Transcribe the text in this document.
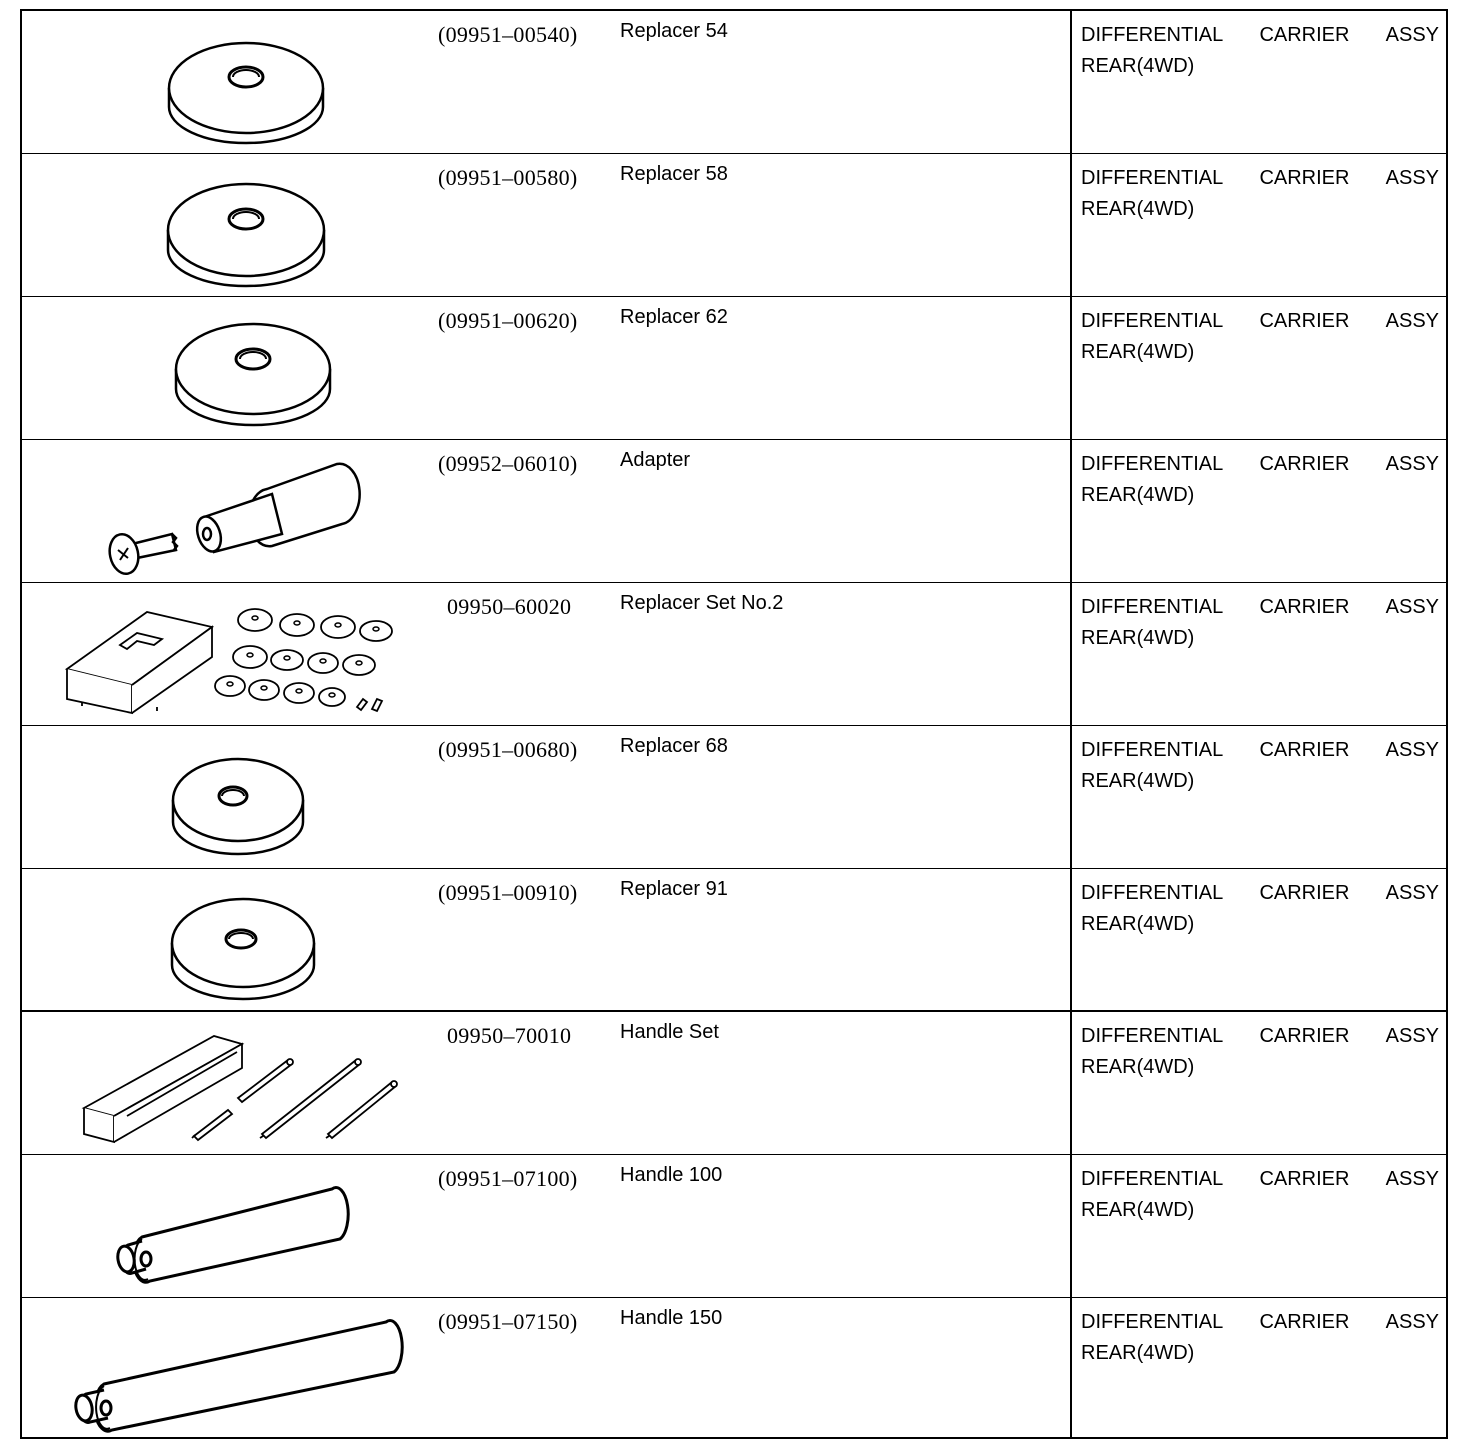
(09951–00540) Replacer 54	DIFFERENTIAL CARRIER ASSY
REAR(4WD)
(09951–00580) Replacer 58	DIFFERENTIAL CARRIER ASSY
REAR(4WD)
(09951–00620) Replacer 62	DIFFERENTIAL CARRIER ASSY
REAR(4WD)
(09952–06010) Adapter	DIFFERENTIAL CARRIER ASSY
REAR(4WD)
09950–60020 Replacer Set No.2	DIFFERENTIAL CARRIER ASSY
REAR(4WD)
(09951–00680) Replacer 68	DIFFERENTIAL CARRIER ASSY
REAR(4WD)
(09951–00910) Replacer 91	DIFFERENTIAL CARRIER ASSY
REAR(4WD)
09950–70010 Handle Set	DIFFERENTIAL CARRIER ASSY
REAR(4WD)
(09951–07100) Handle 100	DIFFERENTIAL CARRIER ASSY
REAR(4WD)
(09951–07150) Handle 150	DIFFERENTIAL CARRIER ASSY
REAR(4WD)
